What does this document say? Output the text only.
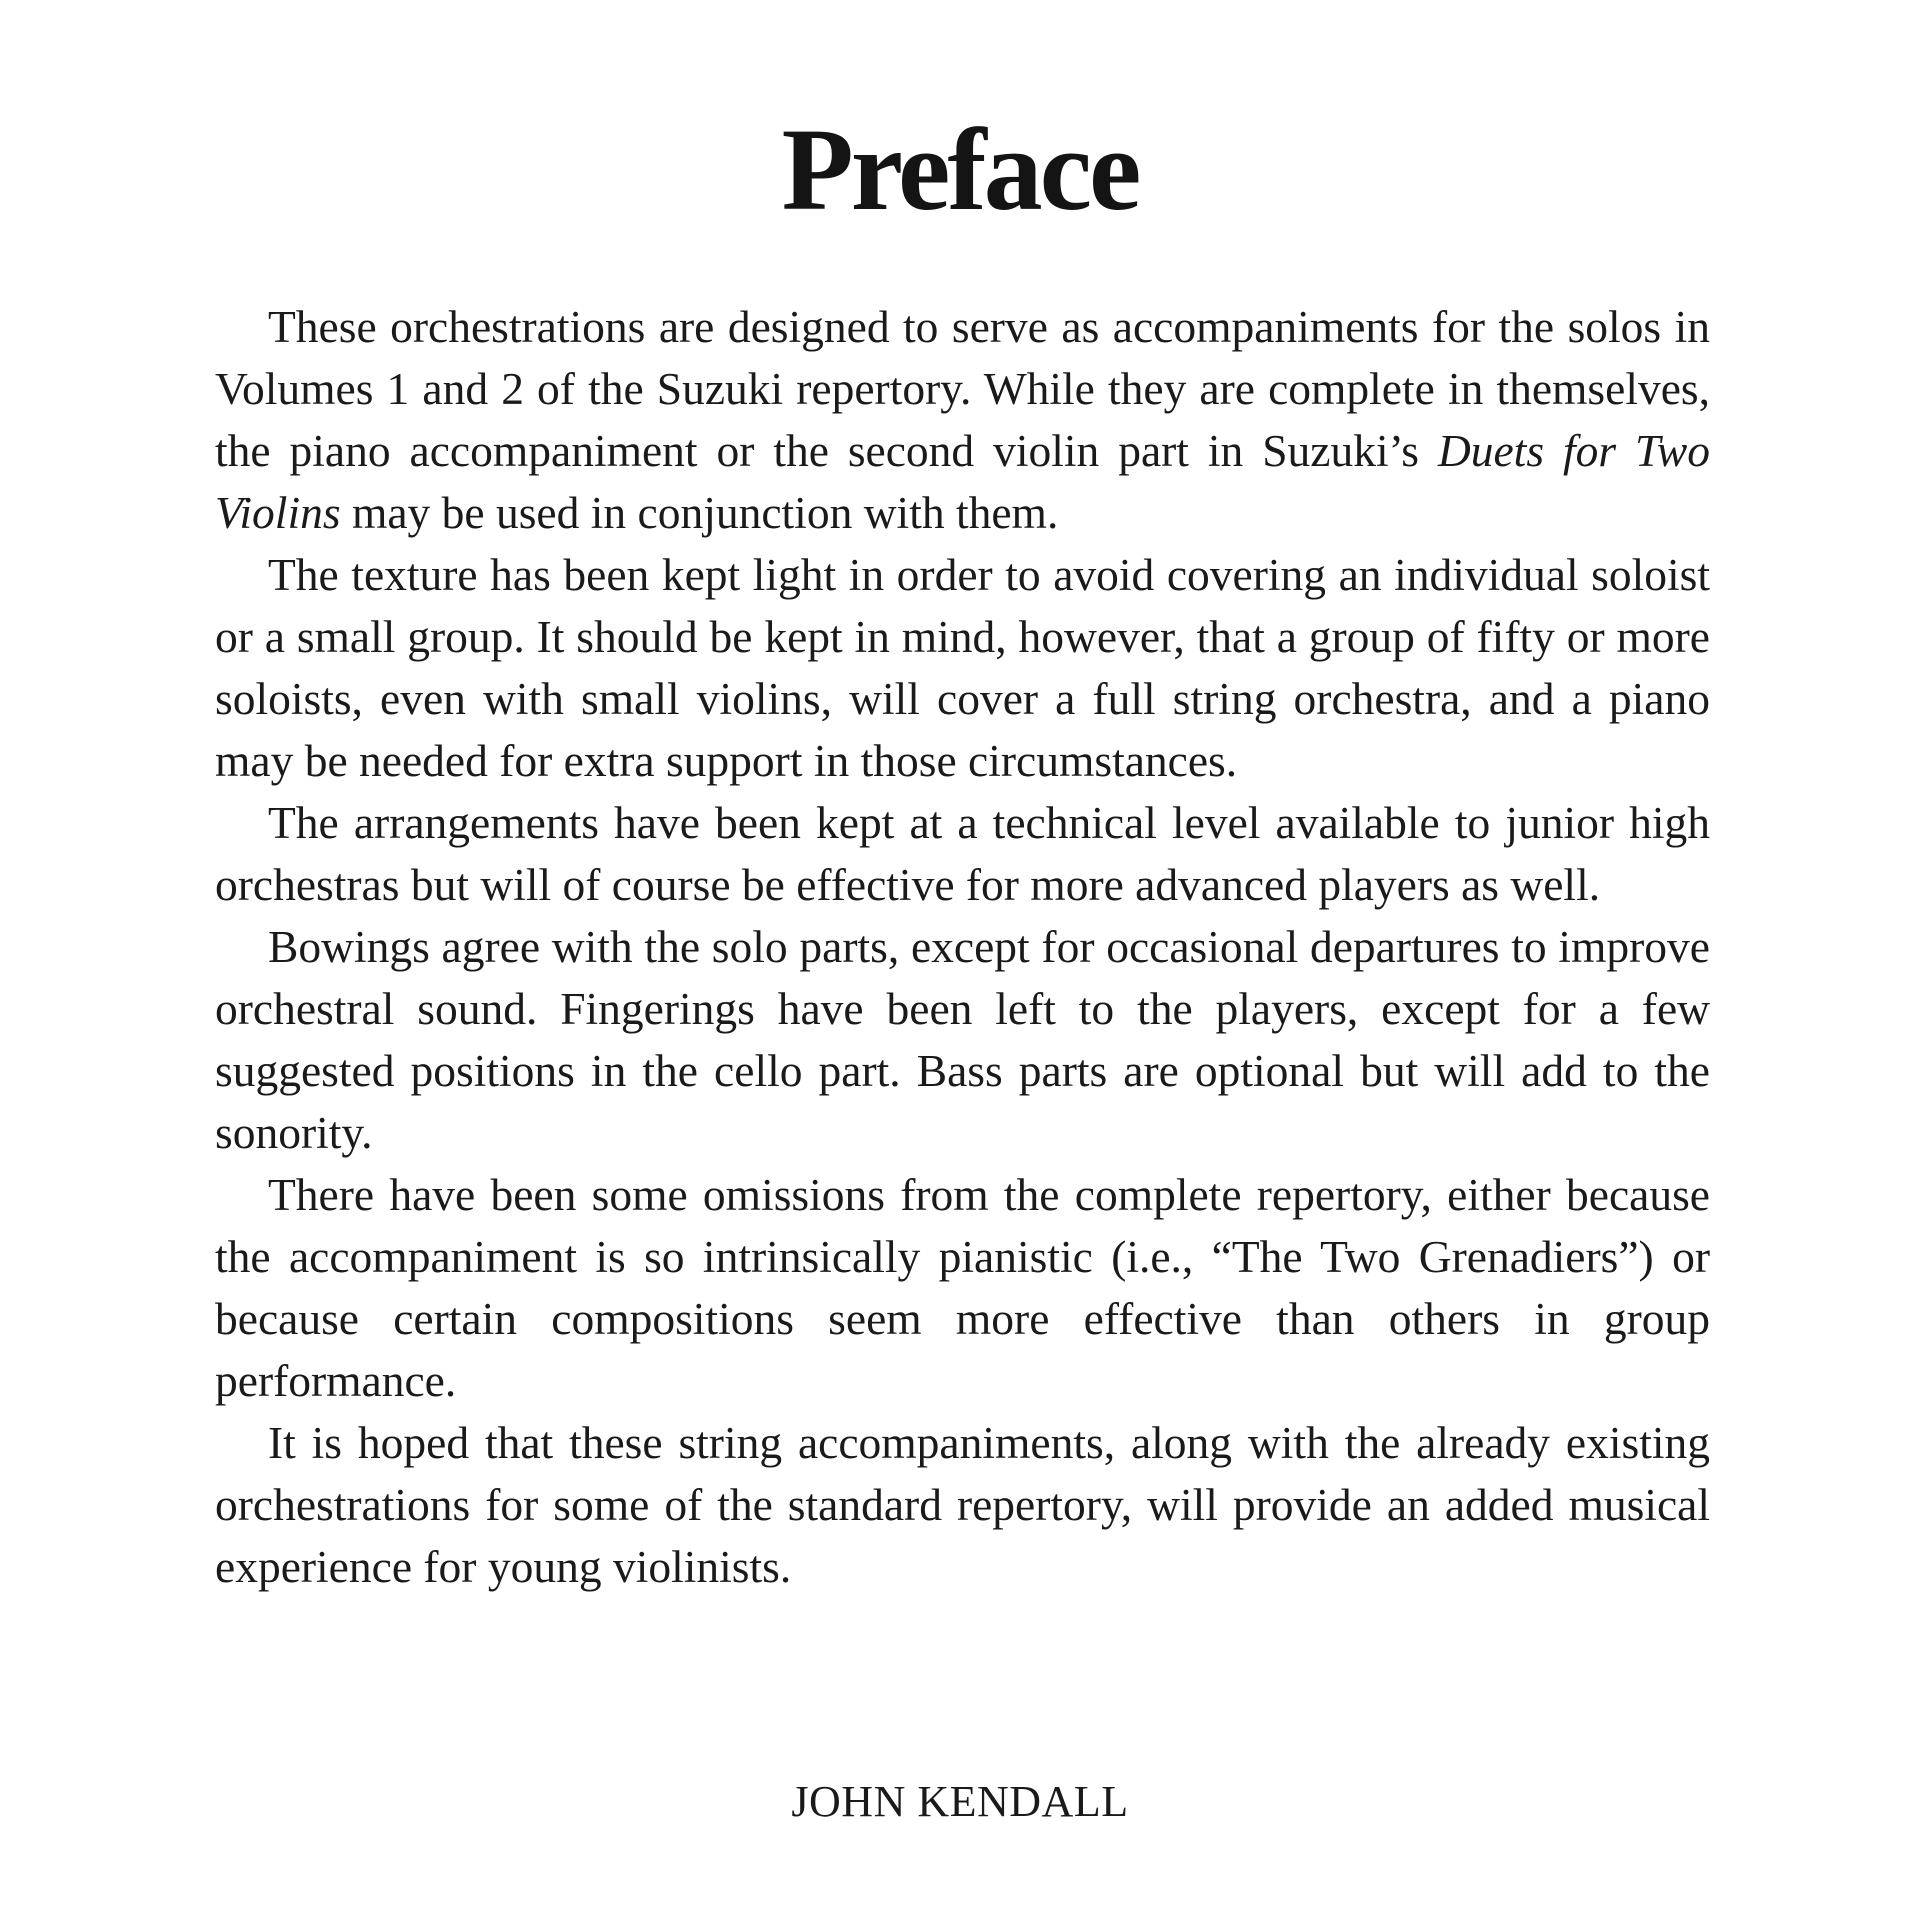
Preface

These orchestrations are designed to serve as accompaniments for the solos in Volumes 1 and 2 of the Suzuki repertory. While they are complete in themselves, the piano accompaniment or the second violin part in Suzuki’s Duets for Two Violins may be used in conjunction with them.

The texture has been kept light in order to avoid covering an individual soloist or a small group. It should be kept in mind, however, that a group of fifty or more soloists, even with small violins, will cover a full string orchestra, and a piano may be needed for extra support in those circumstances.

The arrangements have been kept at a technical level available to junior high orchestras but will of course be effective for more advanced players as well.

Bowings agree with the solo parts, except for occasional departures to improve orchestral sound. Fingerings have been left to the players, except for a few suggested positions in the cello part. Bass parts are optional but will add to the sonority.

There have been some omissions from the complete repertory, either because the accompaniment is so intrinsically pianistic (i.e., “The Two Grenadiers”) or because certain compositions seem more effective than others in group performance.

It is hoped that these string accompaniments, along with the already existing orchestrations for some of the standard repertory, will provide an added musical experience for young violinists.

JOHN KENDALL
